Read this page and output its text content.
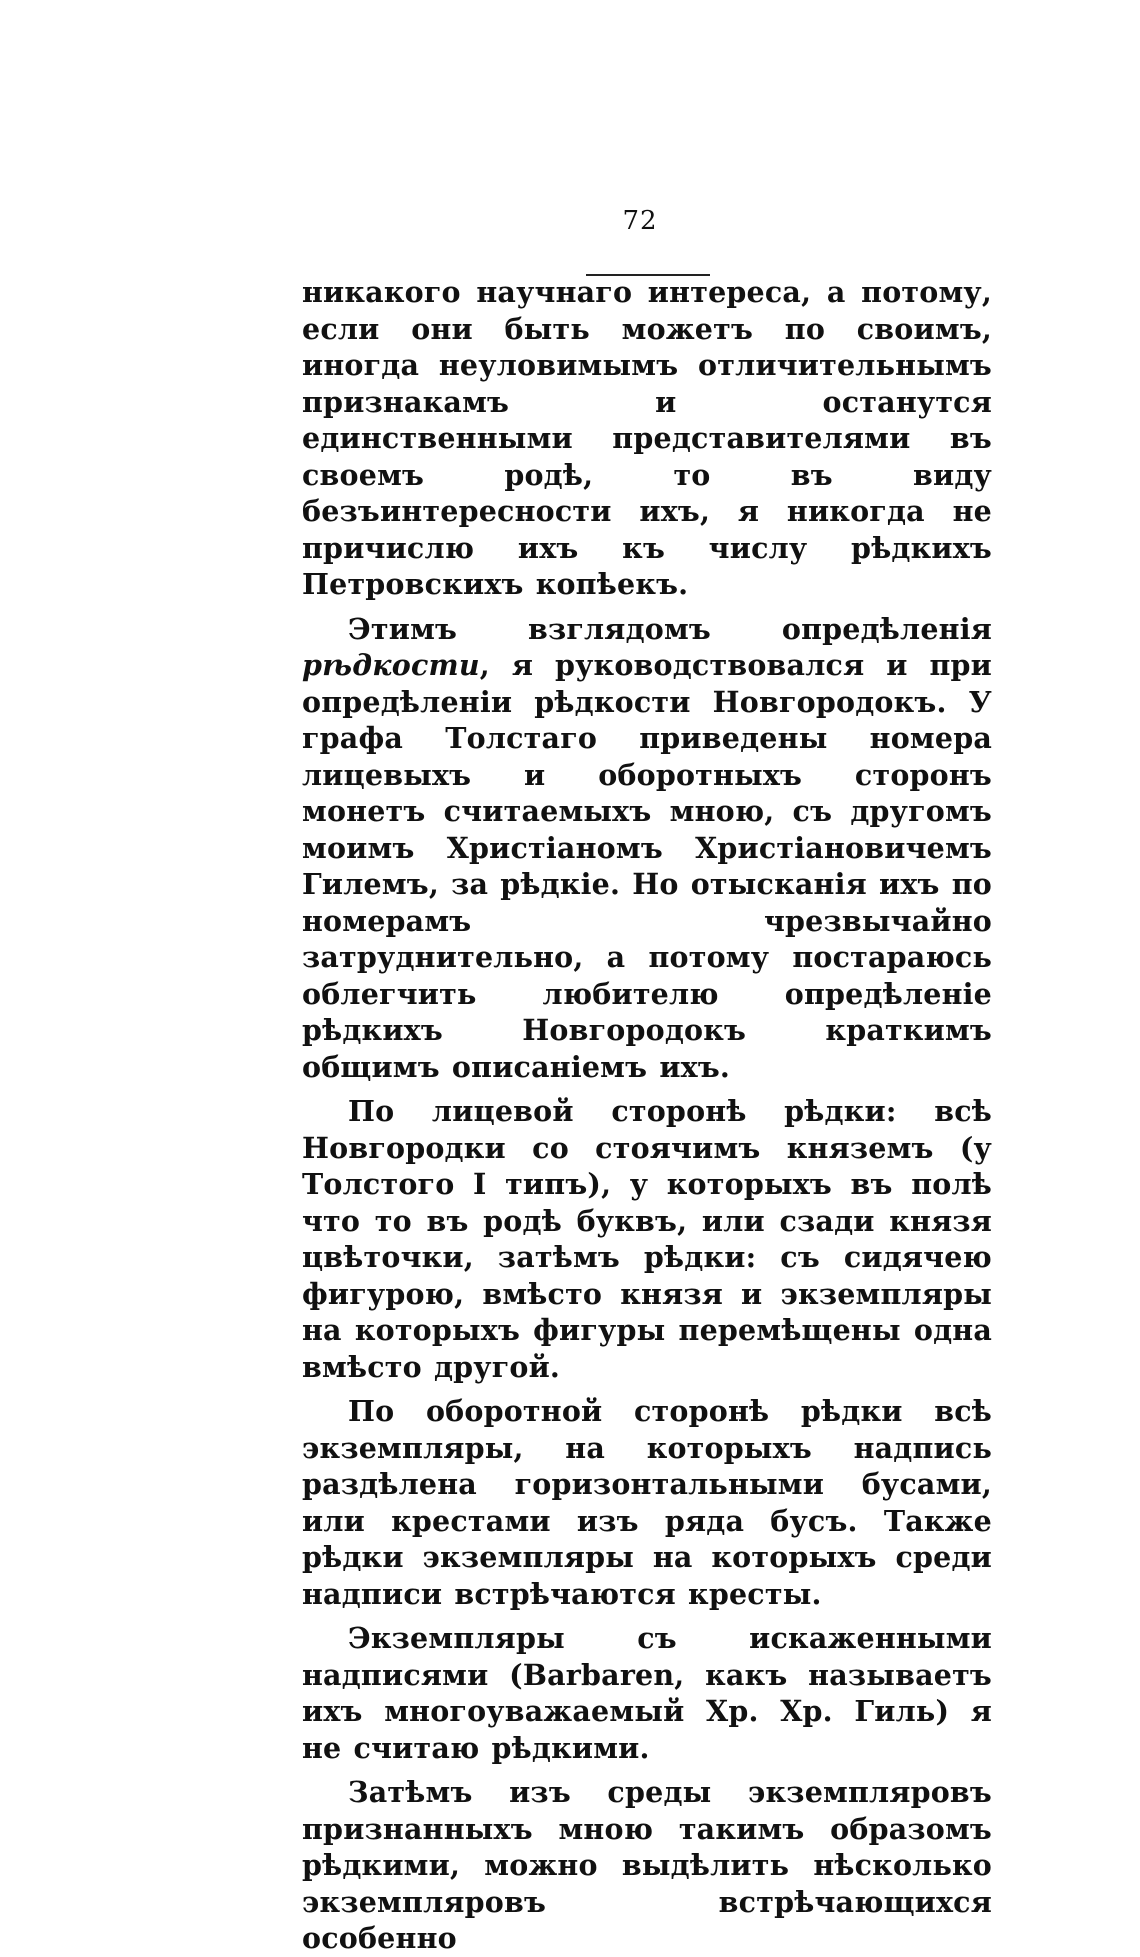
72

никакого научнаго интереса, а потому, если они быть можетъ по своимъ, иногда неуловимымъ отличительнымъ признакамъ и останутся единственными представителями въ своемъ родѣ, то въ виду безъинтересности ихъ, я никогда не причислю ихъ къ числу рѣдкихъ Петровскихъ копѣекъ.

Этимъ взглядомъ опредѣленія рѣдкости, я руководствовался и при опредѣленіи рѣдкости Новгородокъ. У графа Толстаго приведены номера лицевыхъ и оборотныхъ сторонъ монетъ считаемыхъ мною, съ другомъ моимъ Христіаномъ Христіановичемъ Гилемъ, за рѣдкіе. Но отысканія ихъ по номерамъ чрезвычайно затруднительно, а потому постараюсь облегчить любителю опредѣленіе рѣдкихъ Новгородокъ краткимъ общимъ описаніемъ ихъ.

По лицевой сторонѣ рѣдки: всѣ Новгородки со стоячимъ княземъ (у Толстого I типъ), у которыхъ въ полѣ что то въ родѣ буквъ, или сзади князя цвѣточки, затѣмъ рѣдки: съ сидячею фигурою, вмѣсто князя и экземпляры на которыхъ фигуры перемѣщены одна вмѣсто другой.

По оборотной сторонѣ рѣдки всѣ экземпляры, на которыхъ надпись раздѣлена горизонтальными бусами, или крестами изъ ряда бусъ. Также рѣдки экземпляры на которыхъ среди надписи встрѣчаются кресты.

Экземпляры съ искаженными надписями (Barbaren, какъ называетъ ихъ многоуважаемый Хр. Хр. Гиль) я не считаю рѣдкими.

Затѣмъ изъ среды экземпляровъ признанныхъ мною такимъ образомъ рѣдкими, можно выдѣлить нѣсколько экземпляровъ встрѣчающихся особенно
